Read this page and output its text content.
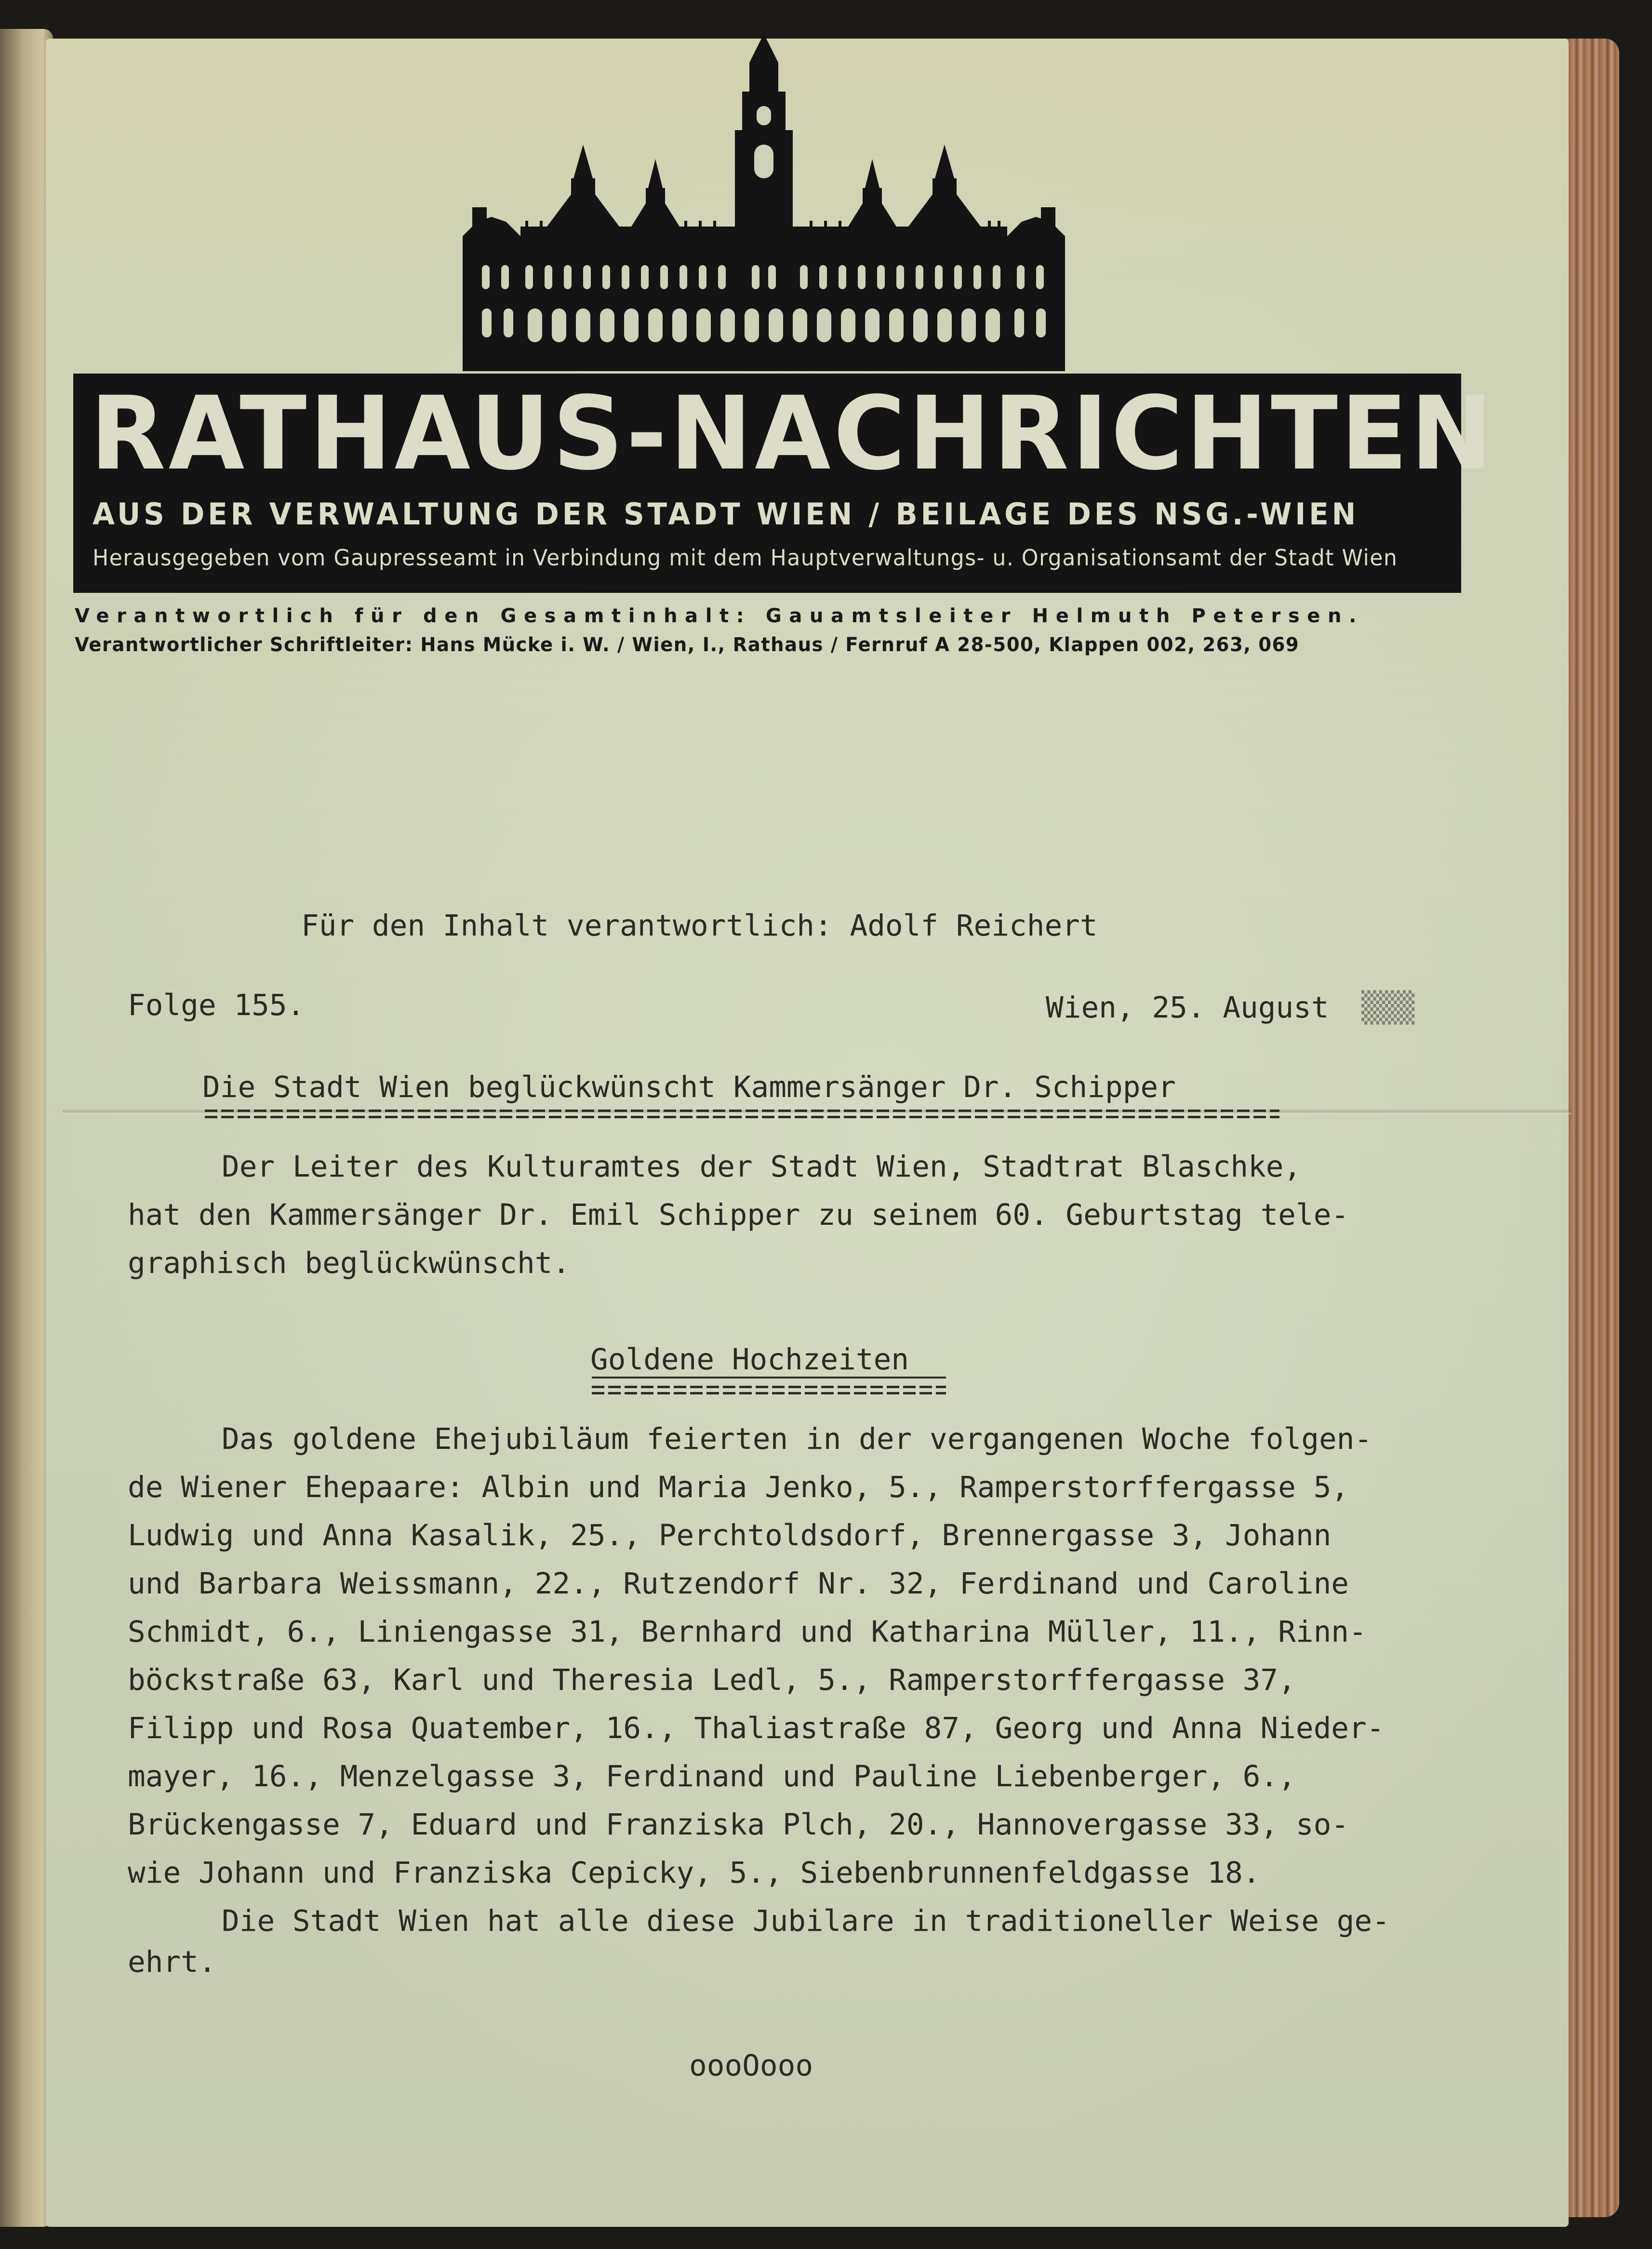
RATHAUS-NACHRICHTEN
AUS DER VERWALTUNG DER STADT WIEN / BEILAGE DES NSG.-WIEN
Herausgegeben vom Gaupresseamt in Verbindung mit dem Hauptverwaltungs- u. Organisationsamt der Stadt Wien
Verantwortlich für den Gesamtinhalt: Gauamtsleiter Helmuth Petersen.
Verantwortlicher Schriftleiter: Hans Mücke i. W. / Wien, I., Rathaus / Fernruf A 28-500, Klappen 002, 263, 069
Für den Inhalt verantwortlich: Adolf Reichert
Folge 155.	Wien, 25. August ▒▒▒
Die Stadt Wien beglückwünscht Kammersänger Dr. Schipper
Der Leiter des Kulturamtes der Stadt Wien, Stadtrat Blaschke,
hat den Kammersänger Dr. Emil Schipper zu seinem 60. Geburtstag tele-
graphisch beglückwünscht.
Goldene Hochzeiten
Das goldene Ehejubiläum feierten in der vergangenen Woche folgen-
de Wiener Ehepaare: Albin und Maria Jenko, 5., Ramperstorffergasse 5,
Ludwig und Anna Kasalik, 25., Perchtoldsdorf, Brennergasse 3, Johann
und Barbara Weissmann, 22., Rutzendorf Nr. 32, Ferdinand und Caroline
Schmidt, 6., Liniengasse 31, Bernhard und Katharina Müller, 11., Rinn-
böckstraße 63, Karl und Theresia Ledl, 5., Ramperstorffergasse 37,
Filipp und Rosa Quatember, 16., Thaliastraße 87, Georg und Anna Nieder-
mayer, 16., Menzelgasse 3, Ferdinand und Pauline Liebenberger, 6.,
Brückengasse 7, Eduard und Franziska Plch, 20., Hannovergasse 33, so-
wie Johann und Franziska Cepicky, 5., Siebenbrunnenfeldgasse 18.
Die Stadt Wien hat alle diese Jubilare in traditioneller Weise ge-
ehrt.
oooOooo
